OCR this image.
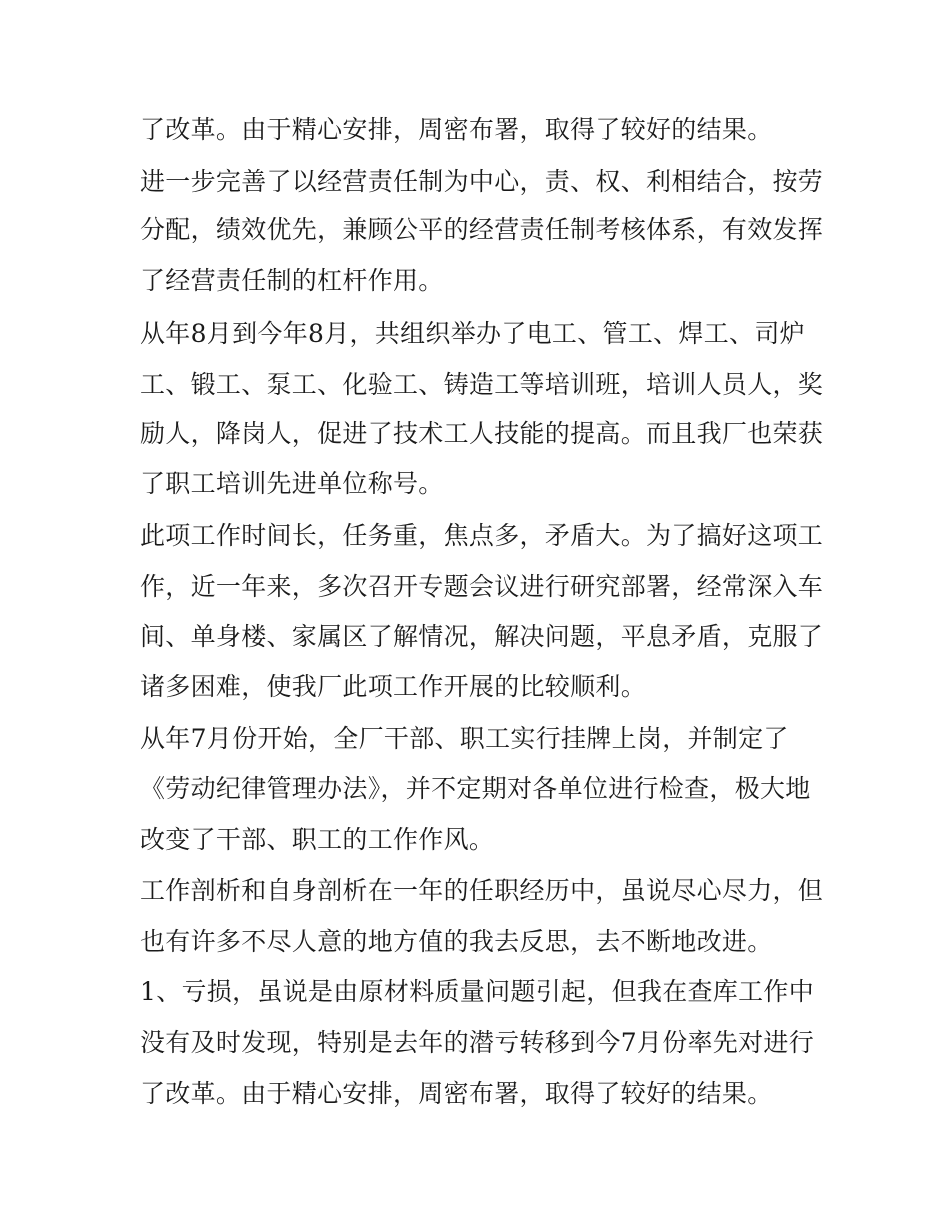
了改革。由于精心安排，周密布署，取得了较好的结果。

进一步完善了以经营责任制为中心，责、权、利相结合，按劳

分配，绩效优先，兼顾公平的经营责任制考核体系，有效发挥

了经营责任制的杠杆作用。

从年8月到今年8月，共组织举办了电工、管工、焊工、司炉

工、锻工、泵工、化验工、铸造工等培训班，培训人员人，奖

励人，降岗人，促进了技术工人技能的提高。而且我厂也荣获

了职工培训先进单位称号。

此项工作时间长，任务重，焦点多，矛盾大。为了搞好这项工

作，近一年来，多次召开专题会议进行研究部署，经常深入车

间、单身楼、家属区了解情况，解决问题，平息矛盾，克服了

诸多困难，使我厂此项工作开展的比较顺利。

从年7月份开始，全厂干部、职工实行挂牌上岗，并制定了

《劳动纪律管理办法》，并不定期对各单位进行检查，极大地

改变了干部、职工的工作作风。

工作剖析和自身剖析在一年的任职经历中，虽说尽心尽力，但

也有许多不尽人意的地方值的我去反思，去不断地改进。

1、亏损，虽说是由原材料质量问题引起，但我在查库工作中

没有及时发现，特别是去年的潜亏转移到今7月份率先对进行

了改革。由于精心安排，周密布署，取得了较好的结果。
